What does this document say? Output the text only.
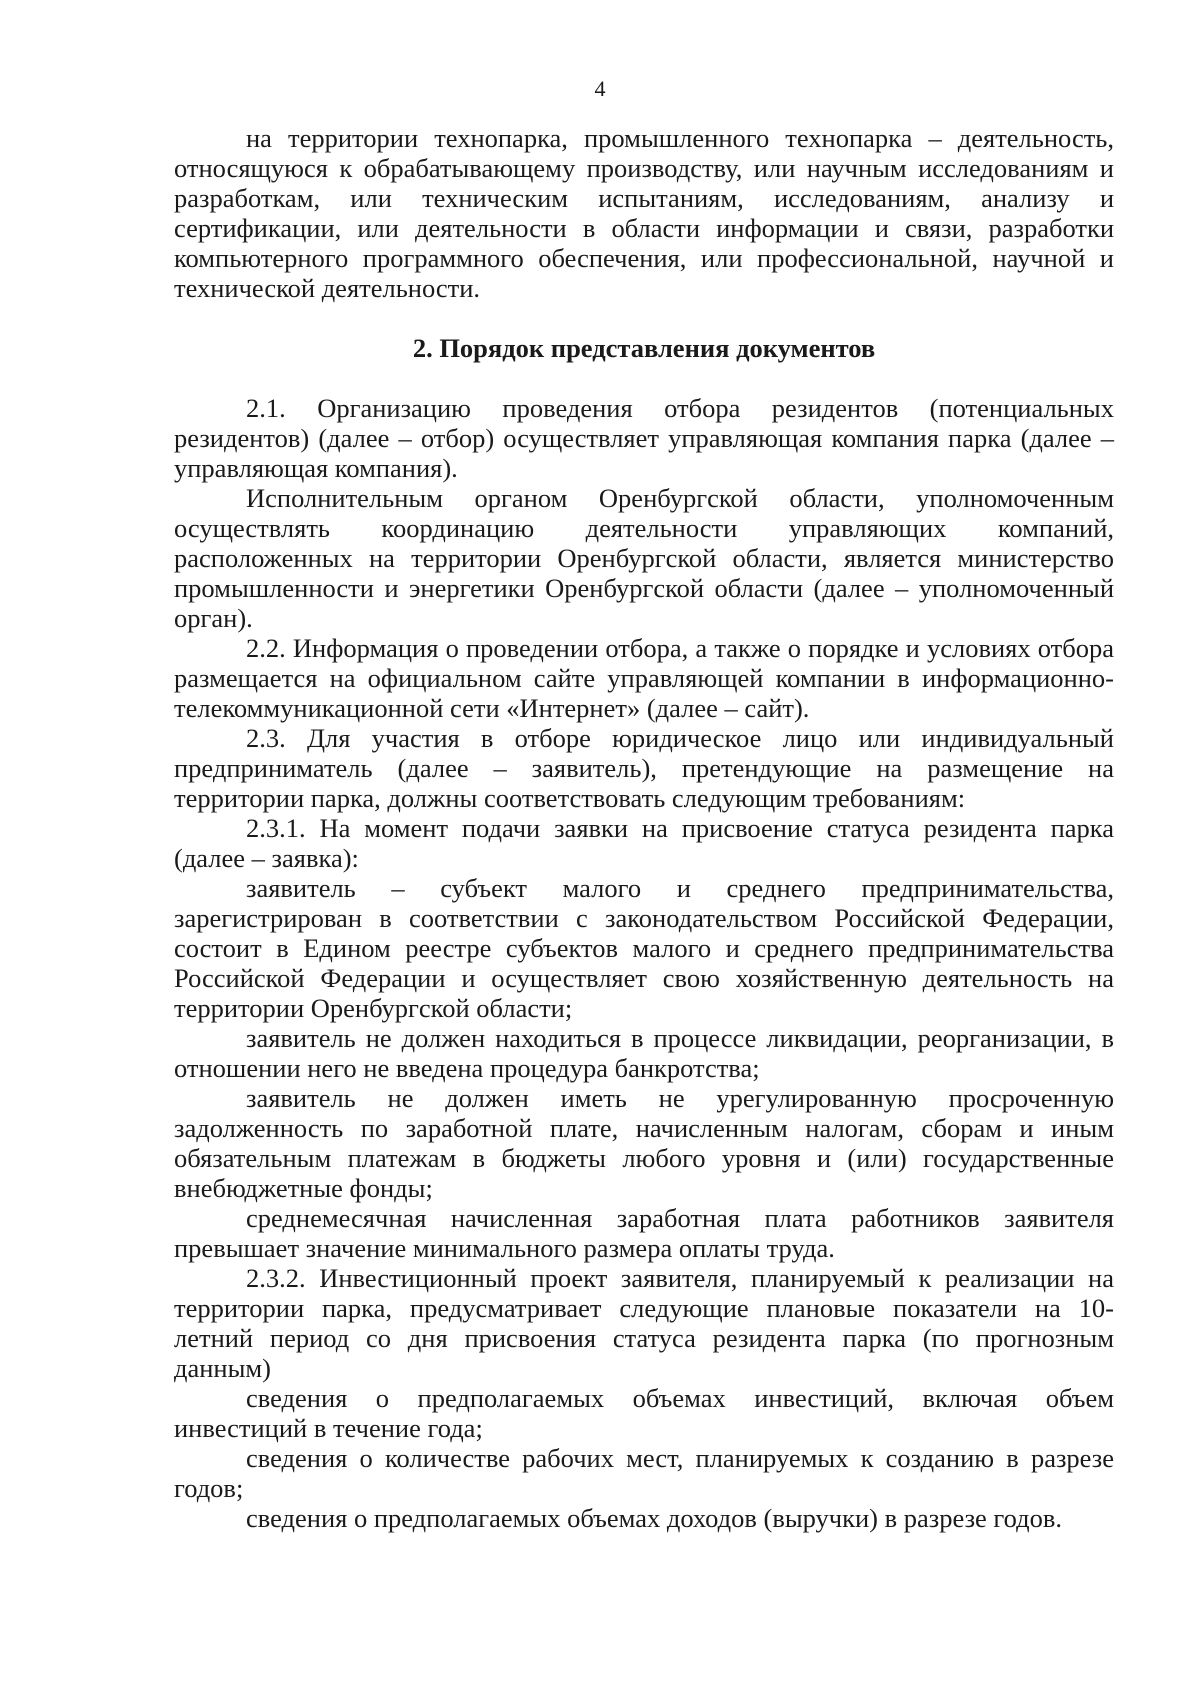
4

на территории технопарка, промышленного технопарка – деятельность, относящуюся к обрабатывающему производству, или научным исследованиям и разработкам, или техническим испытаниям, исследованиям, анализу и сертификации, или деятельности в области информации и связи, разработки компьютерного программного обеспечения, или профессиональной, научной и технической деятельности.

2. Порядок представления документов

2.1. Организацию проведения отбора резидентов (потенциальных резидентов) (далее – отбор) осуществляет управляющая компания парка (далее – управляющая компания).

Исполнительным органом Оренбургской области, уполномоченным осуществлять координацию деятельности управляющих компаний, расположенных на территории Оренбургской области, является министерство промышленности и энергетики Оренбургской области (далее – уполномоченный орган).

2.2. Информация о проведении отбора, а также о порядке и условиях отбора размещается на официальном сайте управляющей компании в информационно-телекоммуникационной сети «Интернет» (далее – сайт).

2.3. Для участия в отборе юридическое лицо или индивидуальный предприниматель (далее – заявитель), претендующие на размещение на территории парка, должны соответствовать следующим требованиям:

2.3.1. На момент подачи заявки на присвоение статуса резидента парка (далее – заявка):

заявитель – субъект малого и среднего предпринимательства, зарегистрирован в соответствии с законодательством Российской Федерации, состоит в Едином реестре субъектов малого и среднего предпринимательства Российской Федерации и осуществляет свою хозяйственную деятельность на территории Оренбургской области;

заявитель не должен находиться в процессе ликвидации, реорганизации, в отношении него не введена процедура банкротства;

заявитель не должен иметь не урегулированную просроченную задолженность по заработной плате, начисленным налогам, сборам и иным обязательным платежам в бюджеты любого уровня и (или) государственные внебюджетные фонды;

среднемесячная начисленная заработная плата работников заявителя превышает значение минимального размера оплаты труда.

2.3.2. Инвестиционный проект заявителя, планируемый к реализации на территории парка, предусматривает следующие плановые показатели на 10-летний период со дня присвоения статуса резидента парка (по прогнозным данным)

сведения о предполагаемых объемах инвестиций, включая объем инвестиций в течение года;

сведения о количестве рабочих мест, планируемых к созданию в разрезе годов;

сведения о предполагаемых объемах доходов (выручки) в разрезе годов.
